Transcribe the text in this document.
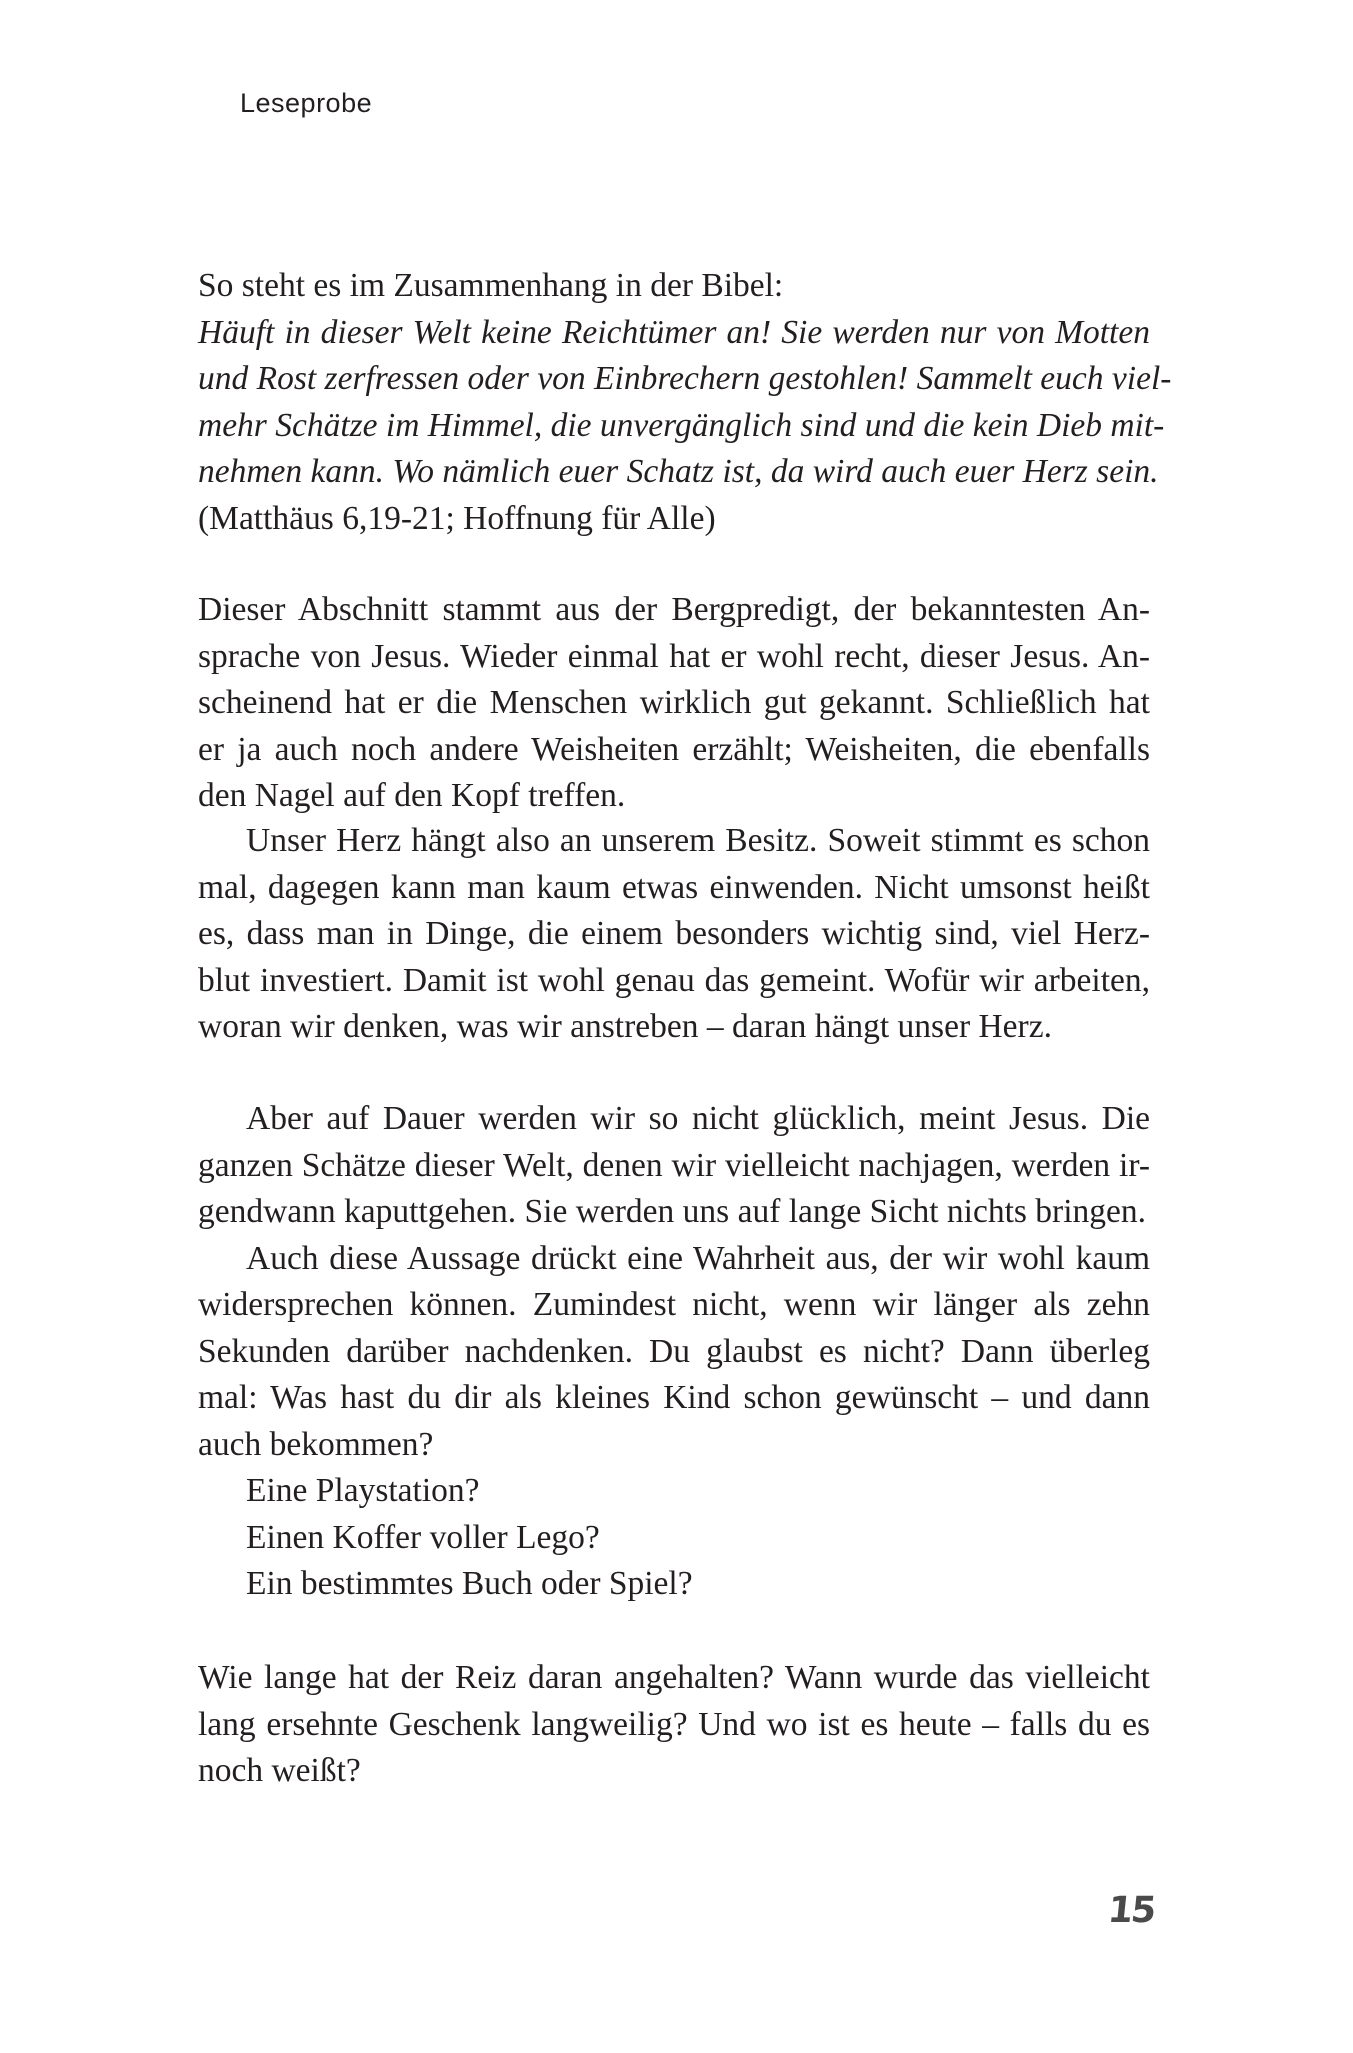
Leseprobe
So steht es im Zusammenhang in der Bibel:
Häuft in dieser Welt keine Reichtümer an! Sie werden nur von Motten
und Rost zerfressen oder von Einbrechern gestohlen! Sammelt euch viel-
mehr Schätze im Himmel, die unvergänglich sind und die kein Dieb mit-
nehmen kann. Wo nämlich euer Schatz ist, da wird auch euer Herz sein.
(Matthäus 6,19-21; Hoffnung für Alle)
Dieser Abschnitt stammt aus der Bergpredigt, der bekanntesten An-
sprache von Jesus. Wieder einmal hat er wohl recht, dieser Jesus. An-
scheinend hat er die Menschen wirklich gut gekannt. Schließlich hat
er ja auch noch andere Weisheiten erzählt; Weisheiten, die ebenfalls
den Nagel auf den Kopf treffen.
Unser Herz hängt also an unserem Besitz. Soweit stimmt es schon
mal, dagegen kann man kaum etwas einwenden. Nicht umsonst heißt
es, dass man in Dinge, die einem besonders wichtig sind, viel Herz-
blut investiert. Damit ist wohl genau das gemeint. Wofür wir arbeiten,
woran wir denken, was wir anstreben – daran hängt unser Herz.
Aber auf Dauer werden wir so nicht glücklich, meint Jesus. Die
ganzen Schätze dieser Welt, denen wir vielleicht nachjagen, werden ir-
gendwann kaputtgehen. Sie werden uns auf lange Sicht nichts bringen.
Auch diese Aussage drückt eine Wahrheit aus, der wir wohl kaum
widersprechen können. Zumindest nicht, wenn wir länger als zehn
Sekunden darüber nachdenken. Du glaubst es nicht? Dann überleg
mal: Was hast du dir als kleines Kind schon gewünscht – und dann
auch bekommen?
Eine Playstation?
Einen Koffer voller Lego?
Ein bestimmtes Buch oder Spiel?
Wie lange hat der Reiz daran angehalten? Wann wurde das vielleicht
lang ersehnte Geschenk langweilig? Und wo ist es heute – falls du es
noch weißt?
15
